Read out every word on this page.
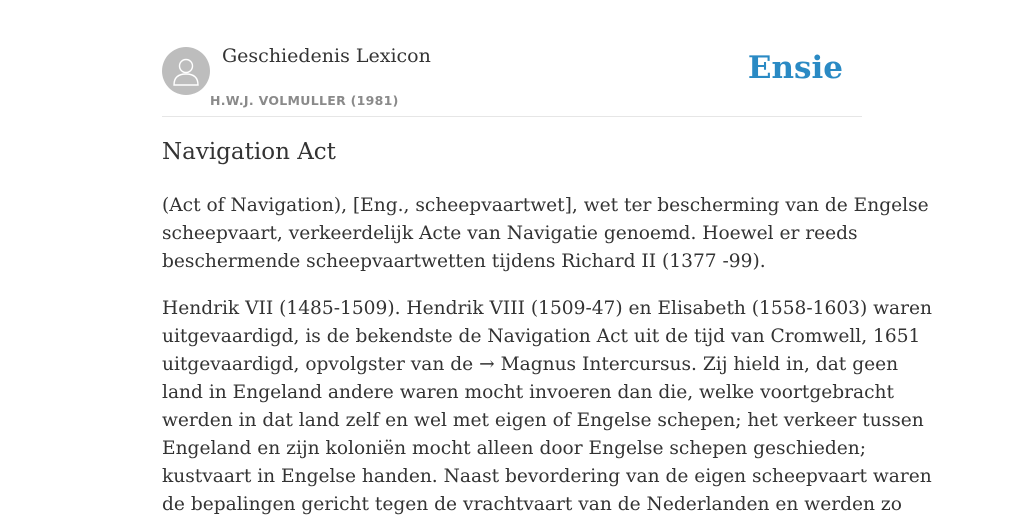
Geschiedenis Lexicon
H.W.J. VOLMULLER (1981)
Ensie
Navigation Act

(Act of Navigation), [Eng., scheepvaartwet], wet ter bescherming van de Engelse
scheepvaart, verkeerdelijk Acte van Navigatie genoemd. Hoewel er reeds
beschermende scheepvaartwetten tijdens Richard II (1377 -99).

Hendrik VII (1485-1509). Hendrik VIII (1509-47) en Elisabeth (1558-1603) waren
uitgevaardigd, is de bekendste de Navigation Act uit de tijd van Cromwell, 1651
uitgevaardigd, opvolgster van de → Magnus Intercursus. Zij hield in, dat geen
land in Engeland andere waren mocht invoeren dan die, welke voortgebracht
werden in dat land zelf en wel met eigen of Engelse schepen; het verkeer tussen
Engeland en zijn koloniën mocht alleen door Engelse schepen geschieden;
kustvaart in Engelse handen. Naast bevordering van de eigen scheepvaart waren
de bepalingen gericht tegen de vrachtvaart van de Nederlanden en werden zo
